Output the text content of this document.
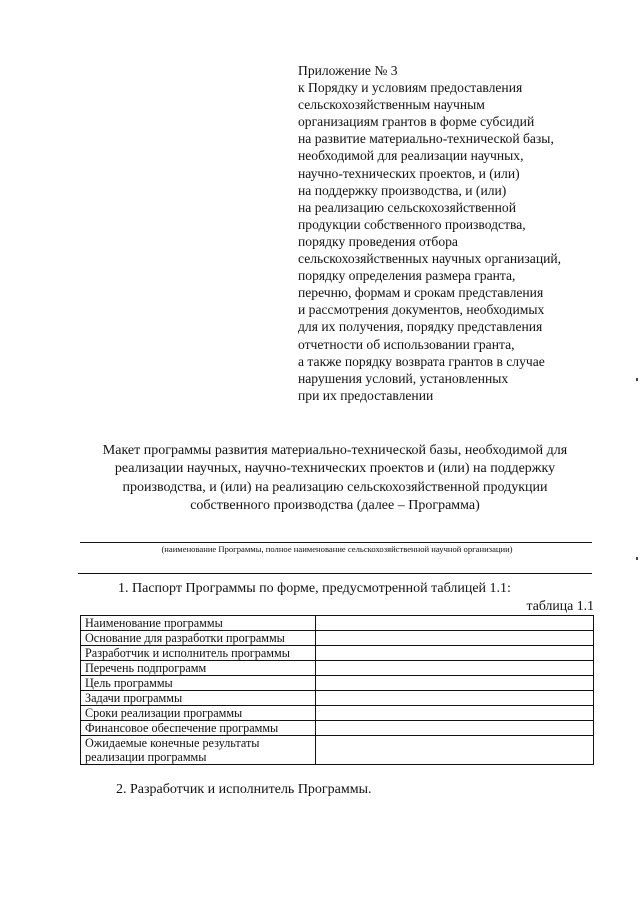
Приложение № 3
к Порядку и условиям предоставления
сельскохозяйственным научным
организациям грантов в форме субсидий
на развитие материально-технической базы,
необходимой для реализации научных,
научно-технических проектов, и (или)
на поддержку производства, и (или)
на реализацию сельскохозяйственной
продукции собственного производства,
порядку проведения отбора
сельскохозяйственных научных организаций,
порядку определения размера гранта,
перечню, формам и срокам представления
и рассмотрения документов, необходимых
для их получения, порядку представления
отчетности об использовании гранта,
а также порядку возврата грантов в случае
нарушения условий, установленных
при их предоставлении
Макет программы развития материально-технической базы, необходимой для
реализации научных, научно-технических проектов и (или) на поддержку
производства, и (или) на реализацию сельскохозяйственной продукции
собственного производства (далее – Программа)
(наименование Программы, полное наименование сельскохозяйственной научной организации)
1. Паспорт Программы по форме, предусмотренной таблицей 1.1:
таблица 1.1
Наименование программы	
Основание для разработки программы	
Разработчик и исполнитель программы	
Перечень подпрограмм	
Цель программы	
Задачи программы	
Сроки реализации программы	
Финансовое обеспечение программы	
Ожидаемые конечные результаты
реализации программы	
2. Разработчик и исполнитель Программы.
